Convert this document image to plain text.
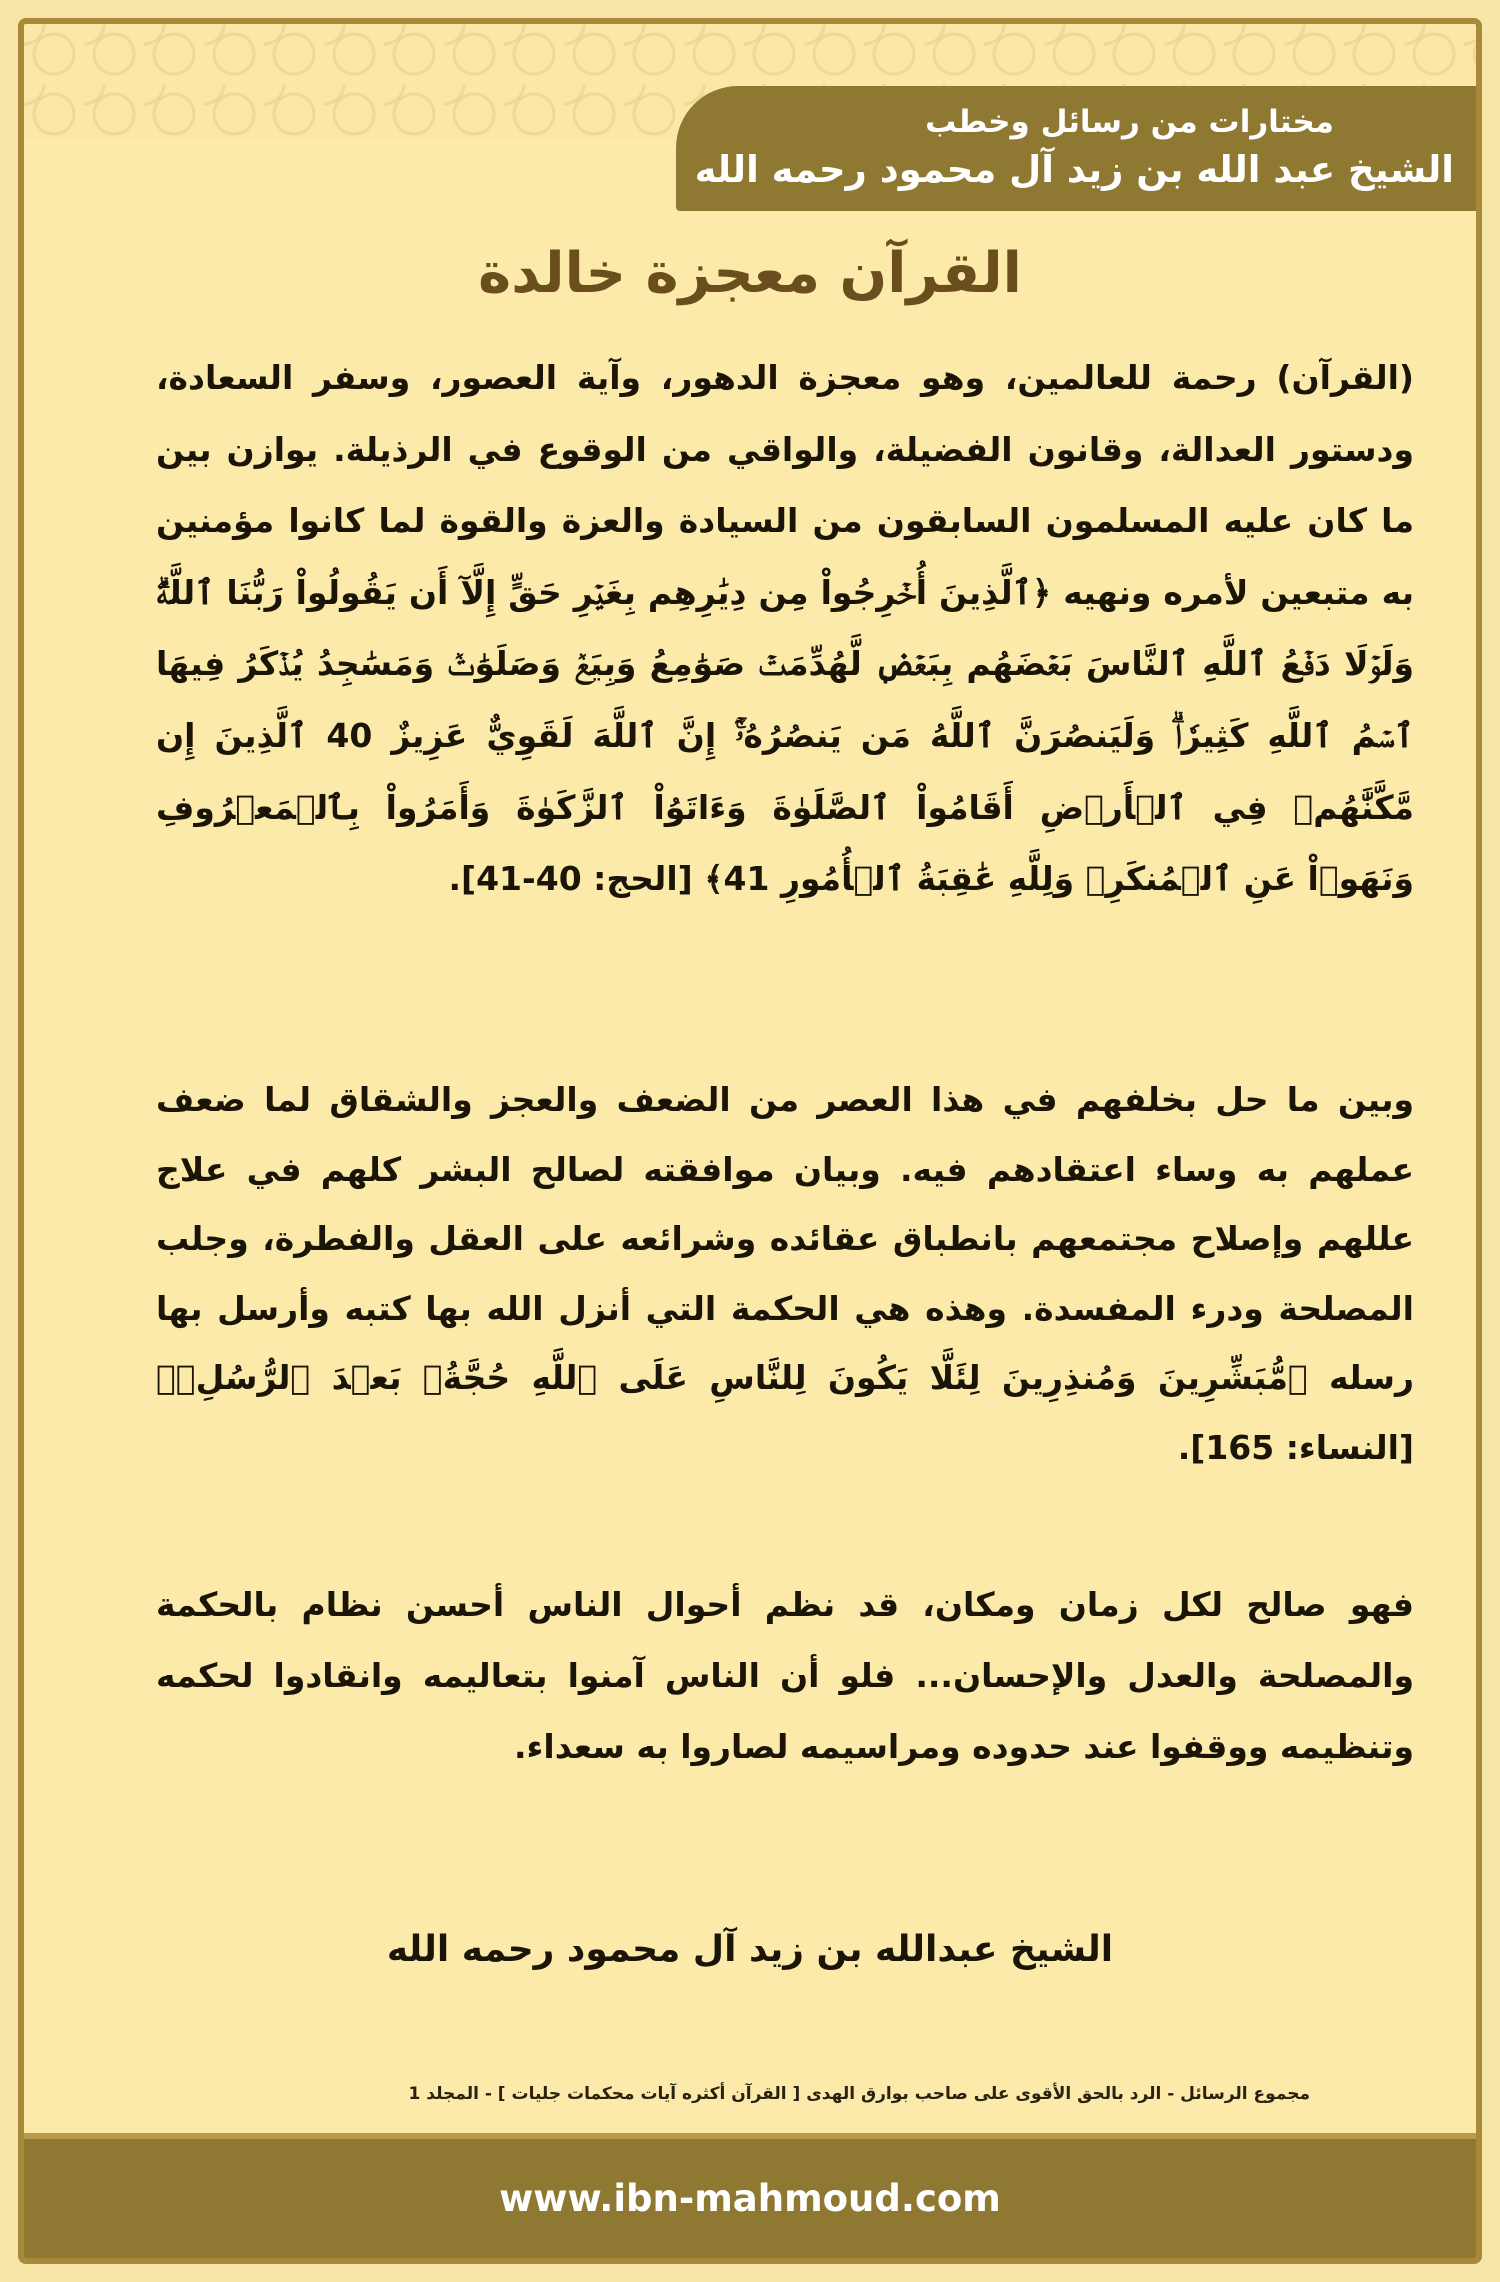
مختارات من رسائل وخطب
الشيخ عبد الله بن زيد آل محمود رحمه الله
القرآن معجزة خالدة

(القرآن) رحمة للعالمين، وهو معجزة الدهور، وآية العصور، وسفر السعادة، ودستور العدالة، وقانون الفضيلة، والواقي من الوقوع في الرذيلة. يوازن بين ما كان عليه المسلمون السابقون من السيادة والعزة والقوة لما كانوا مؤمنين به متبعين لأمره ونهيه ﴿ٱلَّذِينَ أُخۡرِجُواْ مِن دِيَٰرِهِم بِغَيۡرِ حَقٍّ إِلَّآ أَن يَقُولُواْ رَبُّنَا ٱللَّهُۗ وَلَوۡلَا دَفۡعُ ٱللَّهِ ٱلنَّاسَ بَعۡضَهُم بِبَعۡضٖ لَّهُدِّمَتۡ صَوَٰمِعُ وَبِيَعٞ وَصَلَوَٰتٞ وَمَسَٰجِدُ يُذۡكَرُ فِيهَا ٱسۡمُ ٱللَّهِ كَثِيرٗاۗ وَلَيَنصُرَنَّ ٱللَّهُ مَن يَنصُرُهُۥٓۚ إِنَّ ٱللَّهَ لَقَوِيٌّ عَزِيزٌ 40 ٱلَّذِينَ إِن مَّكَّنَّٰهُمۡ فِي ٱلۡأَرۡضِ أَقَامُواْ ٱلصَّلَوٰةَ وَءَاتَوُاْ ٱلزَّكَوٰةَ وَأَمَرُواْ بِٱلۡمَعۡرُوفِ وَنَهَوۡاْ عَنِ ٱلۡمُنكَرِۗ وَلِلَّهِ عَٰقِبَةُ ٱلۡأُمُورِ 41﴾ [الحج: 40-41].

وبين ما حل بخلفهم في هذا العصر من الضعف والعجز والشقاق لما ضعف عملهم به وساء اعتقادهم فيه. وبيان موافقته لصالح البشر كلهم في علاج عللهم وإصلاح مجتمعهم بانطباق عقائده وشرائعه على العقل والفطرة، وجلب المصلحة ودرء المفسدة. وهذه هي الحكمة التي أنزل الله بها كتبه وأرسل بها رسله ﴿مُّبَشِّرِينَ وَمُنذِرِينَ لِئَلَّا يَكُونَ لِلنَّاسِ عَلَى ٱللَّهِ حُجَّةُۢ بَعۡدَ ٱلرُّسُلِۚ﴾ [النساء: 165].

فهو صالح لكل زمان ومكان، قد نظم أحوال الناس أحسن نظام بالحكمة والمصلحة والعدل والإحسان... فلو أن الناس آمنوا بتعاليمه وانقادوا لحكمه وتنظيمه ووقفوا عند حدوده ومراسيمه لصاروا به سعداء.

الشيخ عبدالله بن زيد آل محمود رحمه الله
مجموع الرسائل - الرد بالحق الأقوى على صاحب بوارق الهدى [ القرآن أكثره آيات محكمات جليات ] - المجلد 1
www.ibn-mahmoud.com
